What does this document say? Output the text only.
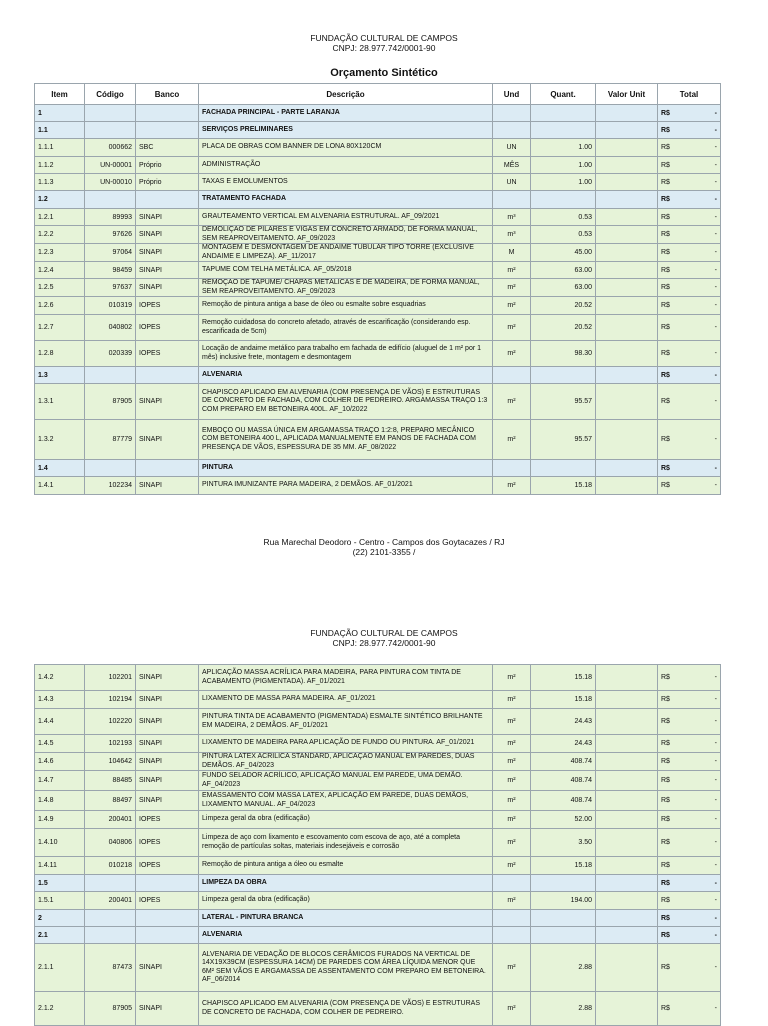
FUNDAÇÃO CULTURAL DE CAMPOS
CNPJ: 28.977.742/0001-90
Orçamento Sintético
Item	Código	Banco	Descrição	Und	Quant.	Valor Unit	Total

1			FACHADA PRINCIPAL - PARTE LARANJA				R$ -

1.1			SERVIÇOS PRELIMINARES				R$ -

1.1.1	000662	SBC	PLACA DE OBRAS COM BANNER DE LONA 80X120CM	UN	1.00		R$ -

1.1.2	UN-00001	Próprio	ADMINISTRAÇÃO	MÊS	1.00		R$ -

1.1.3	UN-00010	Próprio	TAXAS E EMOLUMENTOS	UN	1.00		R$ -

1.2			TRATAMENTO FACHADA				R$ -

1.2.1	89993	SINAPI	GRAUTEAMENTO VERTICAL EM ALVENARIA ESTRUTURAL. AF_09/2021	m³	0.53		R$ -

1.2.2	97626	SINAPI	DEMOLIÇÃO DE PILARES E VIGAS EM CONCRETO ARMADO, DE FORMA MANUAL, SEM REAPROVEITAMENTO. AF_09/2023	m³	0.53		R$ -

1.2.3	97064	SINAPI	MONTAGEM E DESMONTAGEM DE ANDAIME TUBULAR TIPO TORRE (EXCLUSIVE ANDAIME E LIMPEZA). AF_11/2017	M	45.00		R$ -

1.2.4	98459	SINAPI	TAPUME COM TELHA METÁLICA. AF_05/2018	m²	63.00		R$ -

1.2.5	97637	SINAPI	REMOÇÃO DE TAPUME/ CHAPAS METÁLICAS E DE MADEIRA, DE FORMA MANUAL, SEM REAPROVEITAMENTO. AF_09/2023	m²	63.00		R$ -

1.2.6	010319	IOPES	Remoção de pintura antiga a base de óleo ou esmalte sobre esquadrias	m²	20.52		R$ -

1.2.7	040802	IOPES	Remoção cuidadosa do concreto afetado, através de escarificação (considerando esp. escarificada de 5cm)	m²	20.52		R$ -

1.2.8	020339	IOPES	Locação de andaime metálico para trabalho em fachada de edifício (aluguel de 1 m² por 1 mês) inclusive frete, montagem e desmontagem	m²	98.30		R$ -

1.3			ALVENARIA				R$ -

1.3.1	87905	SINAPI	CHAPISCO APLICADO EM ALVENARIA (COM PRESENÇA DE VÃOS) E ESTRUTURAS DE CONCRETO DE FACHADA, COM COLHER DE PEDREIRO. ARGAMASSA TRAÇO 1:3 COM PREPARO EM BETONEIRA 400L. AF_10/2022	m²	95.57		R$ -

1.3.2	87779	SINAPI	EMBOÇO OU MASSA ÚNICA EM ARGAMASSA TRAÇO 1:2:8, PREPARO MECÂNICO COM BETONEIRA 400 L, APLICADA MANUALMENTE EM PANOS DE FACHADA COM PRESENÇA DE VÃOS, ESPESSURA DE 35 MM. AF_08/2022	m²	95.57		R$ -

1.4			PINTURA				R$ -

1.4.1	102234	SINAPI	PINTURA IMUNIZANTE PARA MADEIRA, 2 DEMÃOS. AF_01/2021	m²	15.18		R$ -
Rua Marechal Deodoro - Centro - Campos dos Goytacazes / RJ
(22) 2101-3355 /
FUNDAÇÃO CULTURAL DE CAMPOS
CNPJ: 28.977.742/0001-90
1.4.2	102201	SINAPI	APLICAÇÃO MASSA ACRÍLICA PARA MADEIRA, PARA PINTURA COM TINTA DE ACABAMENTO (PIGMENTADA). AF_01/2021	m²	15.18		R$ -

1.4.3	102194	SINAPI	LIXAMENTO DE MASSA PARA MADEIRA. AF_01/2021	m²	15.18		R$ -

1.4.4	102220	SINAPI	PINTURA TINTA DE ACABAMENTO (PIGMENTADA) ESMALTE SINTÉTICO BRILHANTE EM MADEIRA, 2 DEMÃOS. AF_01/2021	m²	24.43		R$ -

1.4.5	102193	SINAPI	LIXAMENTO DE MADEIRA PARA APLICAÇÃO DE FUNDO OU PINTURA. AF_01/2021	m²	24.43		R$ -

1.4.6	104642	SINAPI	PINTURA LATEX ACRILICA STANDARD, APLICAÇÃO MANUAL EM PAREDES, DUAS DEMÃOS. AF_04/2023	m²	408.74		R$ -

1.4.7	88485	SINAPI	FUNDO SELADOR ACRÍLICO, APLICAÇÃO MANUAL EM PAREDE, UMA DEMÃO. AF_04/2023	m²	408.74		R$ -

1.4.8	88497	SINAPI	EMASSAMENTO COM MASSA LATEX, APLICAÇÃO EM PAREDE, DUAS DEMÃOS, LIXAMENTO MANUAL. AF_04/2023	m²	408.74		R$ -

1.4.9	200401	IOPES	Limpeza geral da obra (edificação)	m²	52.00		R$ -

1.4.10	040806	IOPES	Limpeza de aço com lixamento e escovamento com escova de aço, até a completa remoção de partículas soltas, materiais indesejáveis e corrosão	m²	3.50		R$ -

1.4.11	010218	IOPES	Remoção de pintura antiga a óleo ou esmalte	m²	15.18		R$ -

1.5			LIMPEZA DA OBRA				R$ -

1.5.1	200401	IOPES	Limpeza geral da obra (edificação)	m²	194.00		R$ -

2			LATERAL - PINTURA BRANCA				R$ -

2.1			ALVENARIA				R$ -

2.1.1	87473	SINAPI	ALVENARIA DE VEDAÇÃO DE BLOCOS CERÂMICOS FURADOS NA VERTICAL DE 14X19X39CM (ESPESSURA 14CM) DE PAREDES COM ÁREA LÍQUIDA MENOR QUE 6M² SEM VÃOS E ARGAMASSA DE ASSENTAMENTO COM PREPARO EM BETONEIRA. AF_06/2014	m²	2.88		R$ -

2.1.2	87905	SINAPI	CHAPISCO APLICADO EM ALVENARIA (COM PRESENÇA DE VÃOS) E ESTRUTURAS DE CONCRETO DE FACHADA, COM COLHER DE PEDREIRO.	m²	2.88		R$ -
